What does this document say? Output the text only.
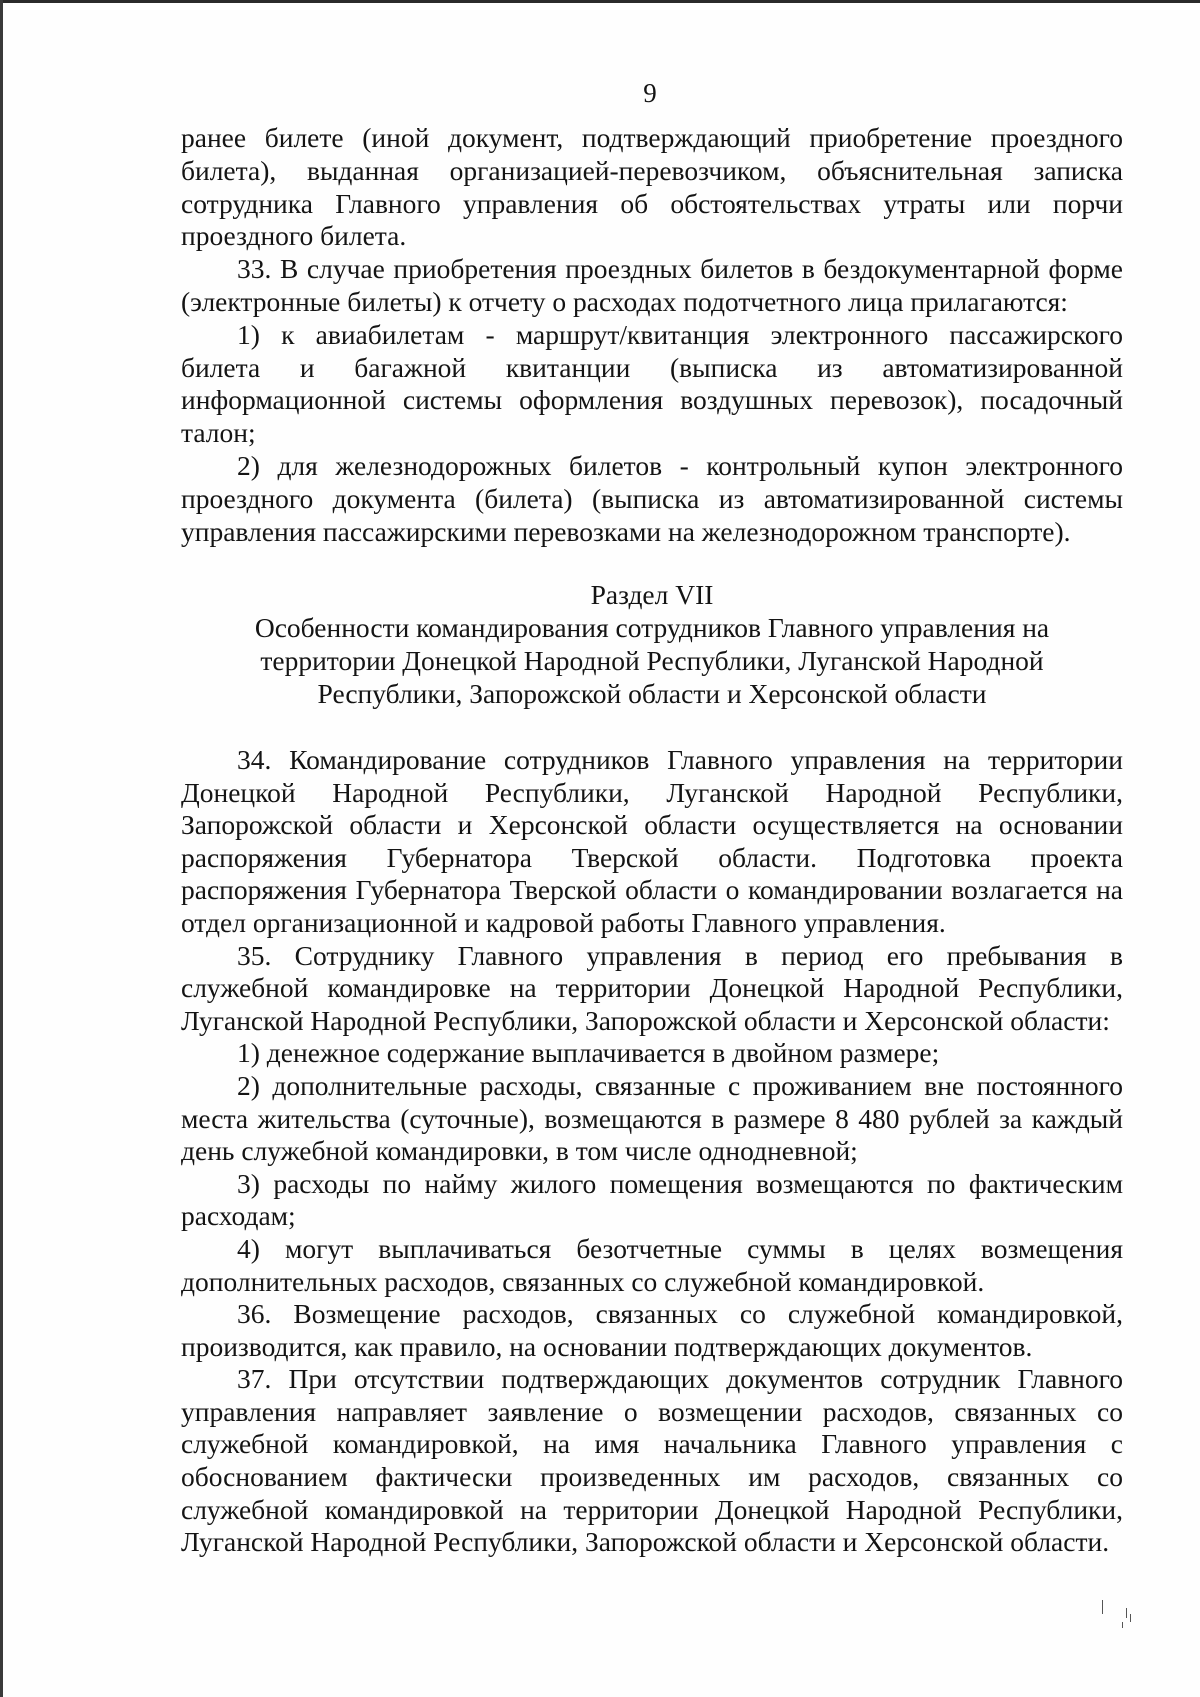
9

ранее билете (иной документ, подтверждающий приобретение проездного билета), выданная организацией-перевозчиком, объяснительная записка сотрудника Главного управления об обстоятельствах утраты или порчи проездного билета.

33. В случае приобретения проездных билетов в бездокументарной форме (электронные билеты) к отчету о расходах подотчетного лица прилагаются:

1) к авиабилетам - маршрут/квитанция электронного пассажирского билета и багажной квитанции (выписка из автоматизированной информационной системы оформления воздушных перевозок), посадочный талон;

2) для железнодорожных билетов - контрольный купон электронного проездного документа (билета) (выписка из автоматизированной системы управления пассажирскими перевозками на железнодорожном транспорте).

Раздел VII
Особенности командирования сотрудников Главного управления на территории Донецкой Народной Республики, Луганской Народной Республики, Запорожской области и Херсонской области

34. Командирование сотрудников Главного управления на территории Донецкой Народной Республики, Луганской Народной Республики, Запорожской области и Херсонской области осуществляется на основании распоряжения Губернатора Тверской области. Подготовка проекта распоряжения Губернатора Тверской области о командировании возлагается на отдел организационной и кадровой работы Главного управления.

35. Сотруднику Главного управления в период его пребывания в служебной командировке на территории Донецкой Народной Республики, Луганской Народной Республики, Запорожской области и Херсонской области:

1) денежное содержание выплачивается в двойном размере;

2) дополнительные расходы, связанные с проживанием вне постоянного места жительства (суточные), возмещаются в размере 8 480 рублей за каждый день служебной командировки, в том числе однодневной;

3) расходы по найму жилого помещения возмещаются по фактическим расходам;

4) могут выплачиваться безотчетные суммы в целях возмещения дополнительных расходов, связанных со служебной командировкой.

36. Возмещение расходов, связанных со служебной командировкой, производится, как правило, на основании подтверждающих документов.

37. При отсутствии подтверждающих документов сотрудник Главного управления направляет заявление о возмещении расходов, связанных со служебной командировкой, на имя начальника Главного управления с обоснованием фактически произведенных им расходов, связанных со служебной командировкой на территории Донецкой Народной Республики, Луганской Народной Республики, Запорожской области и Херсонской области.
